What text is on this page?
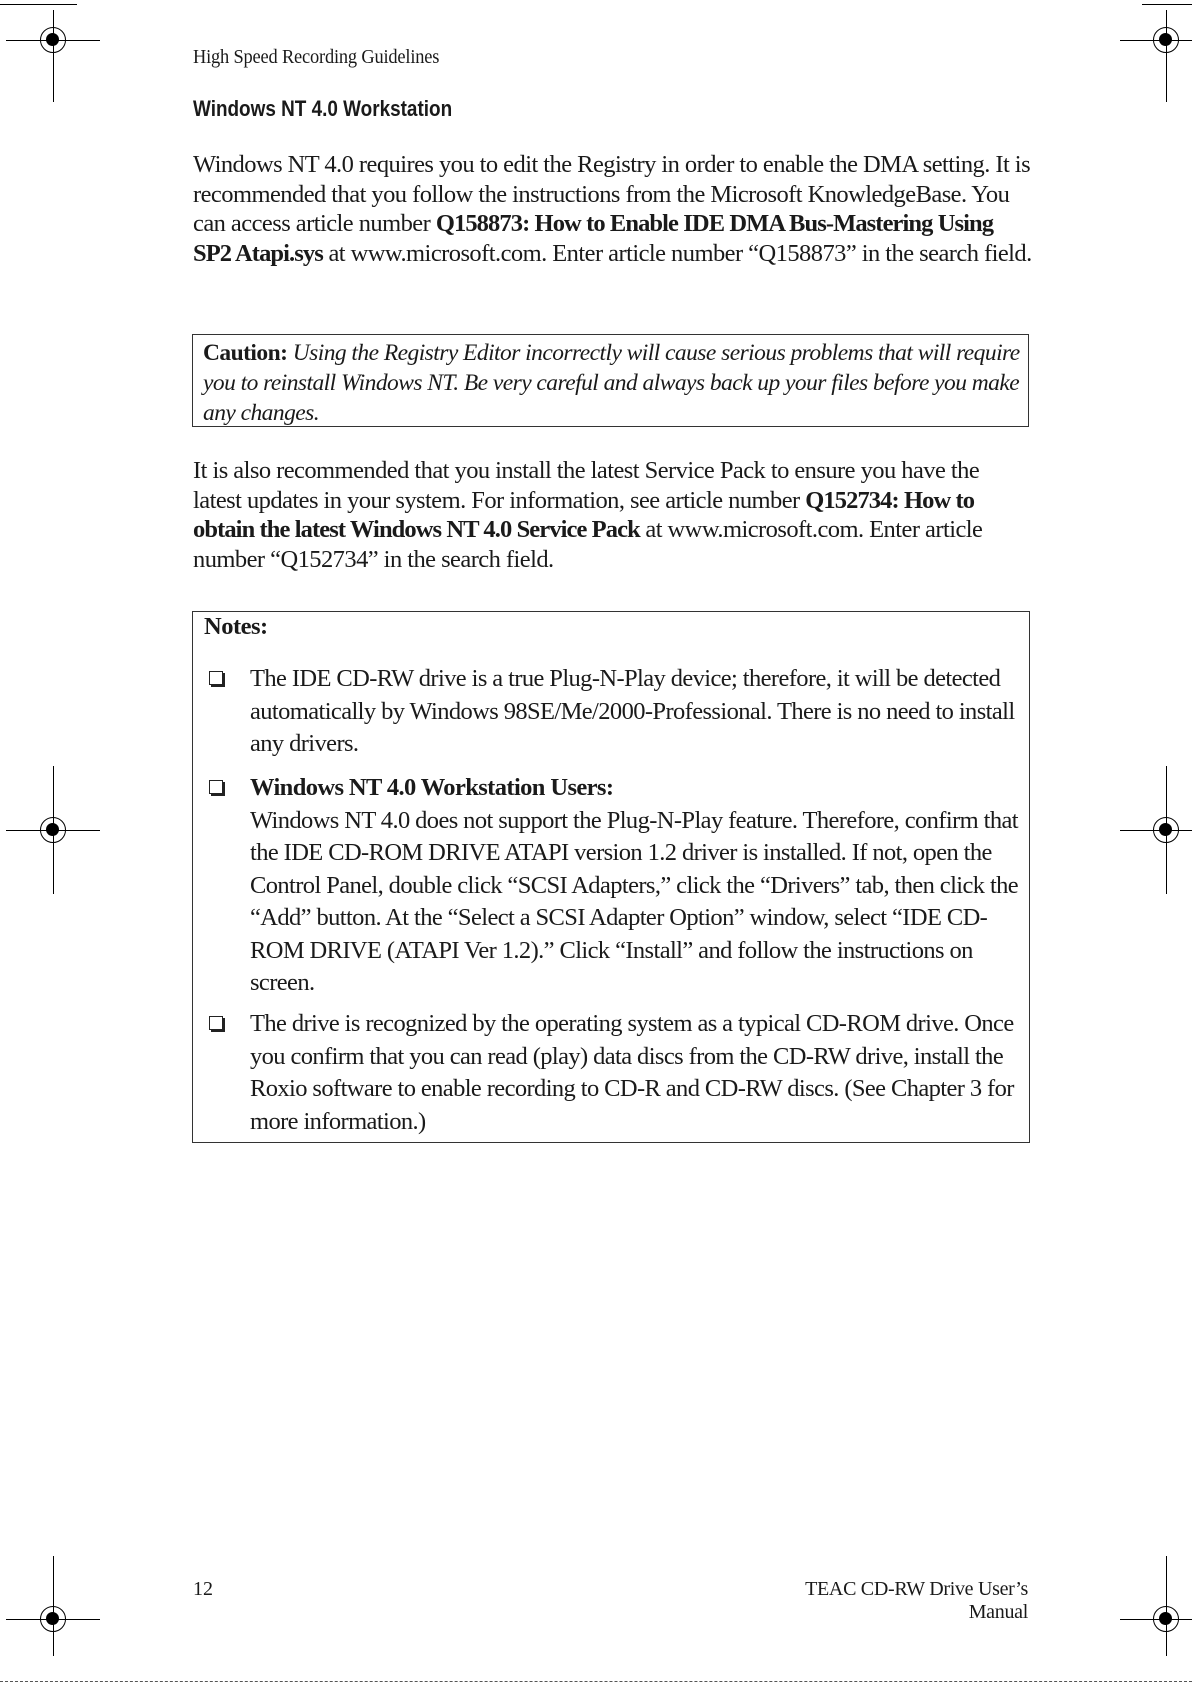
High Speed Recording Guidelines
Windows NT 4.0 Workstation
Windows NT 4.0 requires you to edit the Registry in order to enable the DMA setting. It is recommended that you follow the instructions from the Microsoft KnowledgeBase. You can access article number Q158873: How to Enable IDE DMA Bus-Mastering Using SP2 Atapi.sys at www.microsoft.com. Enter article number “Q158873” in the search field.
Caution: Using the Registry Editor incorrectly will cause serious problems that will require you to reinstall Windows NT. Be very careful and always back up your files before you make any changes.
It is also recommended that you install the latest Service Pack to ensure you have the latest updates in your system. For information, see article number Q152734: How to obtain the latest Windows NT 4.0 Service Pack at www.microsoft.com. Enter article number “Q152734” in the search field.
Notes:
The IDE CD-RW drive is a true Plug-N-Play device; therefore, it will be detected automatically by Windows 98SE/Me/2000-Professional. There is no need to install any drivers.
Windows NT 4.0 Workstation Users:
Windows NT 4.0 does not support the Plug-N-Play feature. Therefore, confirm that the IDE CD-ROM DRIVE ATAPI version 1.2 driver is installed. If not, open the Control Panel, double click “SCSI Adapters,” click the “Drivers” tab, then click the “Add” button. At the “Select a SCSI Adapter Option” window, select “IDE CD-ROM DRIVE (ATAPI Ver 1.2).” Click “Install” and follow the instructions on screen.
The drive is recognized by the operating system as a typical CD-ROM drive. Once you confirm that you can read (play) data discs from the CD-RW drive, install the Roxio software to enable recording to CD-R and CD-RW discs. (See Chapter 3 for more information.)
12	TEAC CD-RW Drive User’s Manual
